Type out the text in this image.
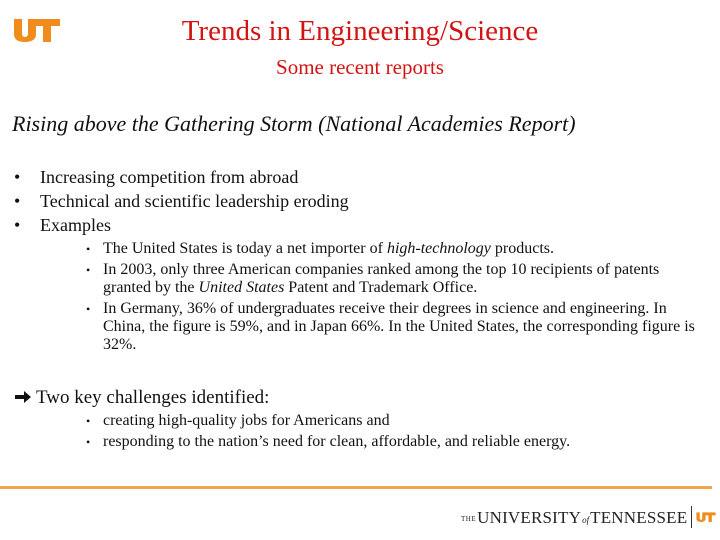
Trends in Engineering/Science
Some recent reports
Rising above the Gathering Storm (National Academies Report)
• Increasing competition from abroad
• Technical and scientific leadership eroding
• Examples
• The United States is today a net importer of high-technology products.
• In 2003, only three American companies ranked among the top 10 recipients of patents granted by the United States Patent and Trademark Office.
• In Germany, 36% of undergraduates receive their degrees in science and engineering. In China, the figure is 59%, and in Japan 66%. In the United States, the corresponding figure is 32%.
Two key challenges identified:
• creating high-quality jobs for Americans and
• responding to the nation’s need for clean, affordable, and reliable energy.
THE UNIVERSITY of TENNESSEE
